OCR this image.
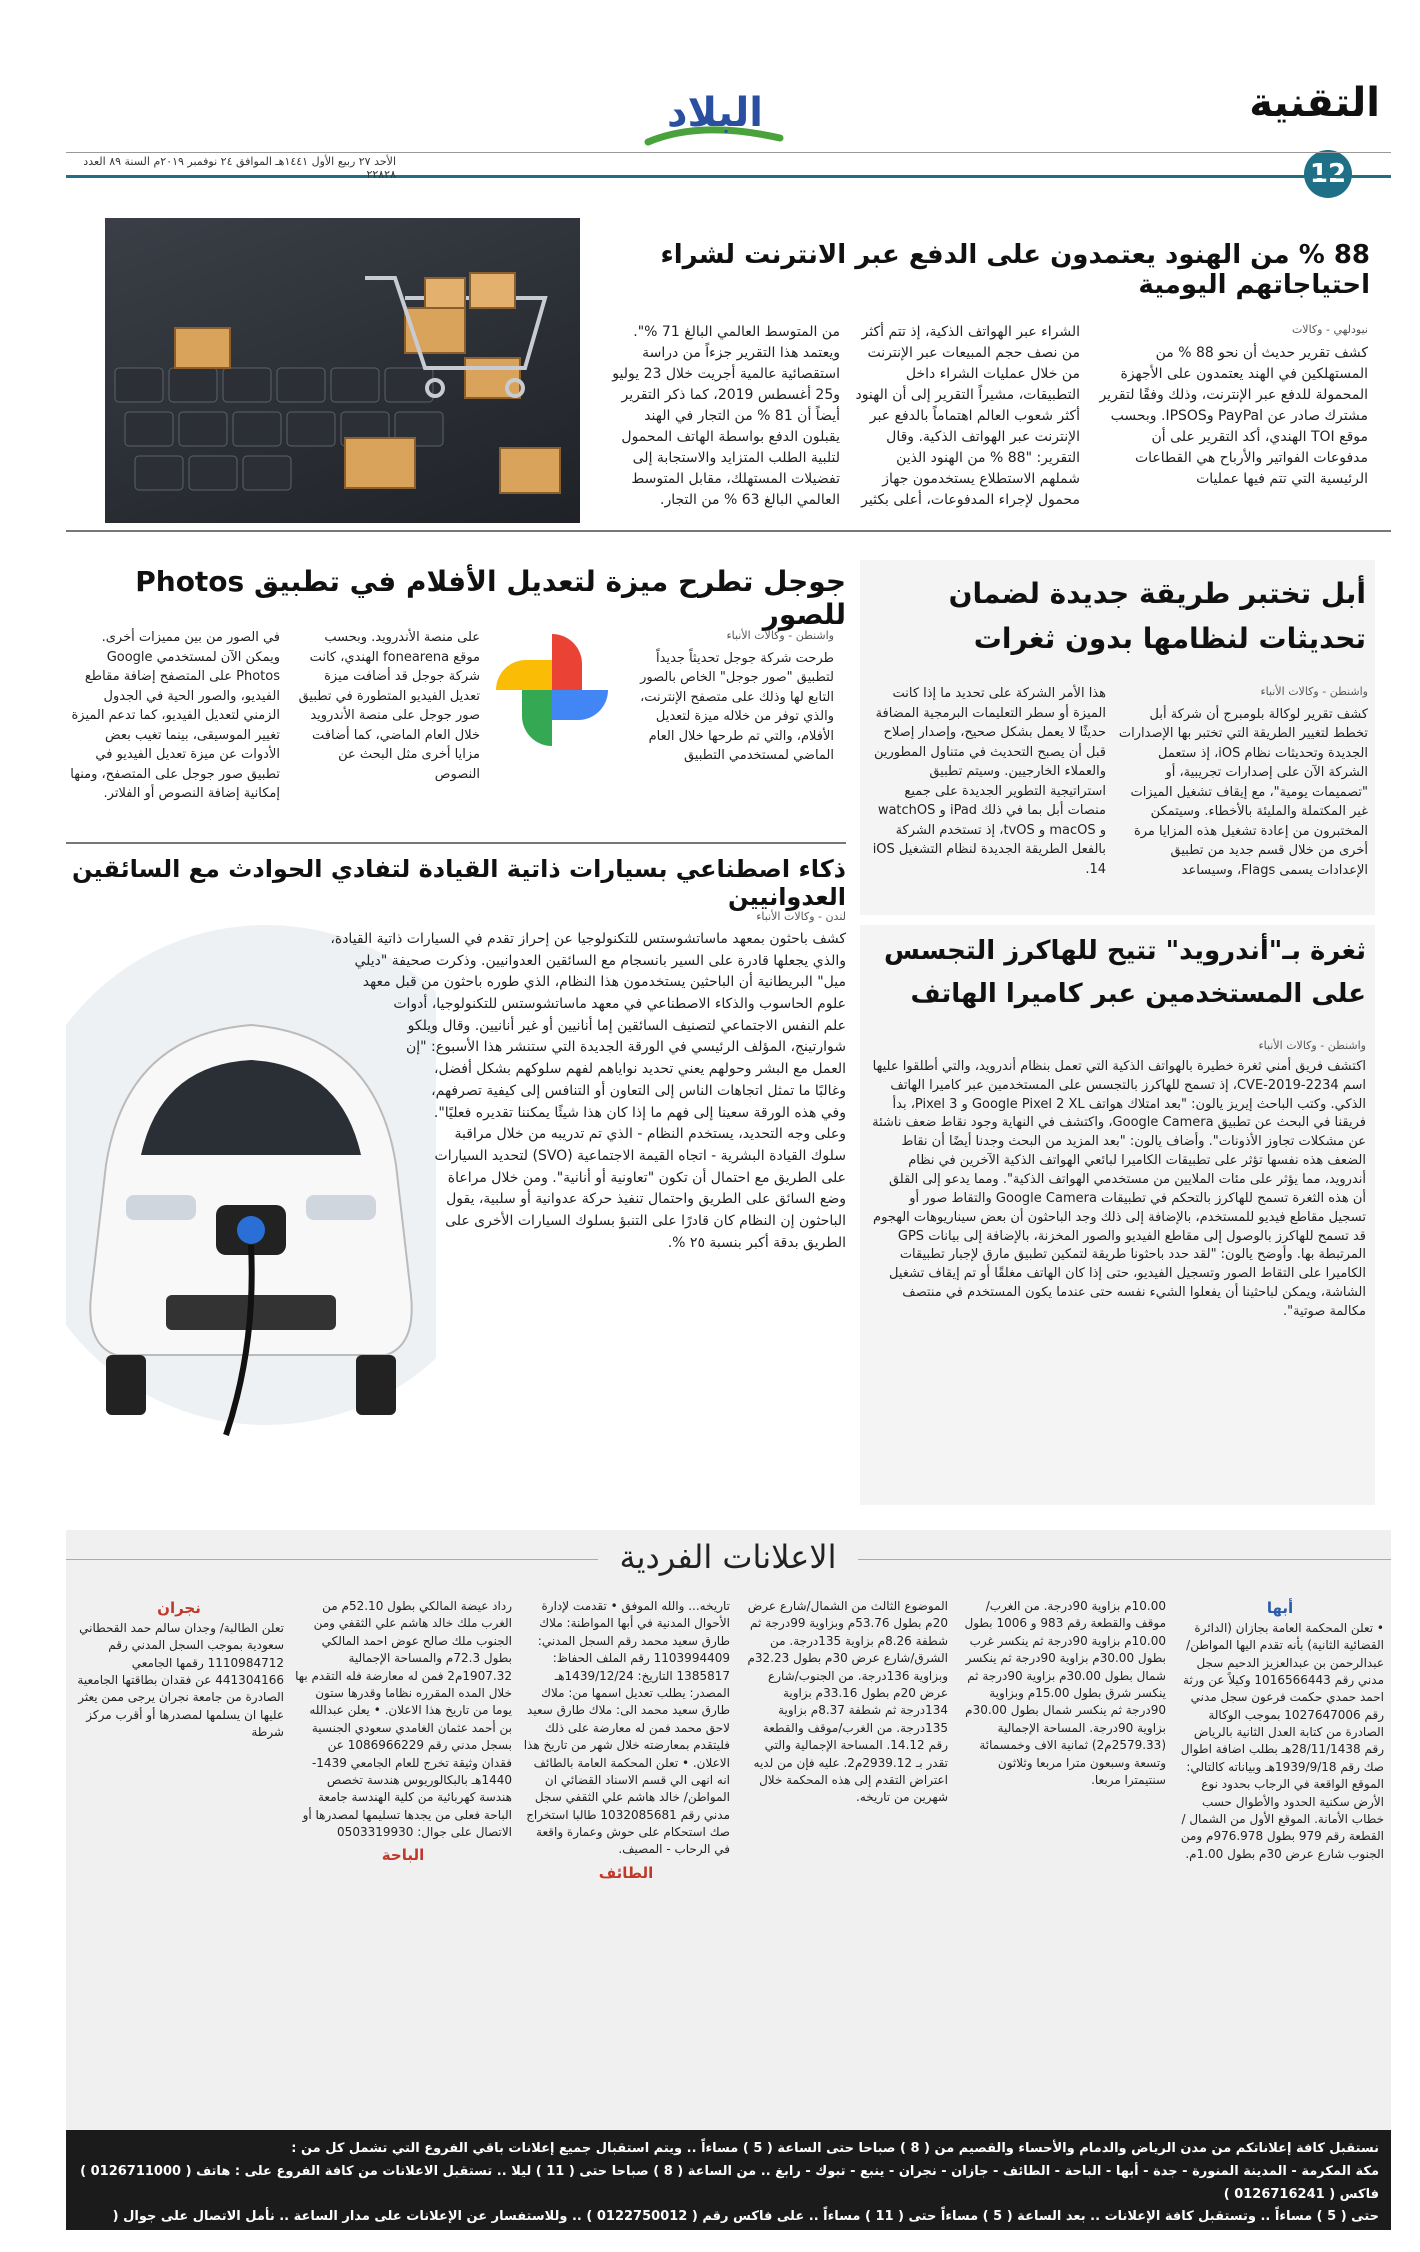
التقنية
12
البلاد
الأحد ٢٧ ربيع الأول ١٤٤١هـ الموافق ٢٤ نوفمبر ٢٠١٩م السنة ٨٩ العدد ٢٢٨٢٨
88 % من الهنود يعتمدون على الدفع عبر الانترنت لشراء احتياجاتهم اليومية
نيودلهي - وكالات

كشف تقرير حديث أن نحو 88 % من المستهلكين في الهند يعتمدون على الأجهزة المحمولة للدفع عبر الإنترنت، وذلك وفقًا لتقرير مشترك صادر عن PayPal وIPSOS. وبحسب موقع TOI الهندي، أكد التقرير على أن مدفوعات الفواتير والأرباح هي القطاعات الرئيسية التي تتم فيها عمليات

الشراء عبر الهواتف الذكية، إذ تتم أكثر من نصف حجم المبيعات عبر الإنترنت من خلال عمليات الشراء داخل التطبيقات، مشيراً التقرير إلى أن الهنود أكثر شعوب العالم اهتماماً بالدفع عبر الإنترنت عبر الهواتف الذكية. وقال التقرير: "88 % من الهنود الذين شملهم الاستطلاع يستخدمون جهاز محمول لإجراء المدفوعات، أعلى بكثير

من المتوسط العالمي البالغ 71 %". ويعتمد هذا التقرير جزءاً من دراسة استقصائية عالمية أجريت خلال 23 يوليو و25 أغسطس 2019، كما ذكر التقرير أيضاً أن 81 % من التجار في الهند يقبلون الدفع بواسطة الهاتف المحمول لتلبية الطلب المتزايد والاستجابة إلى تفضيلات المستهلك، مقابل المتوسط العالمي البالغ 63 % من التجار.

أبل تختبر طريقة جديدة لضمان تحديثات لنظامها بدون ثغرات
واشنطن - وكالات الأنباء

كشف تقرير لوكالة بلومبرج أن شركة أبل تخطط لتغيير الطريقة التي تختبر بها الإصدارات الجديدة وتحديثات نظام iOS، إذ ستعمل الشركة الآن على إصدارات تجريبية، أو "تصميمات يومية"، مع إيقاف تشغيل الميزات غير المكتملة والمليئة بالأخطاء. وسيتمكن المختبرون من إعادة تشغيل هذه المزايا مرة أخرى من خلال قسم جديد من تطبيق الإعدادات يسمى Flags، وسيساعد

هذا الأمر الشركة على تحديد ما إذا كانت الميزة أو سطر التعليمات البرمجية المضافة حديثًا لا يعمل بشكل صحيح، وإصدار إصلاح قبل أن يصبح التحديث في متناول المطورين والعملاء الخارجيين. وسيتم تطبيق استراتيجية التطوير الجديدة على جميع منصات أبل بما في ذلك iPad و watchOS و macOS و tvOS، إذ تستخدم الشركة بالفعل الطريقة الجديدة لنظام التشغيل iOS 14.

جوجل تطرح ميزة لتعديل الأفلام في تطبيق Photos للصور
واشنطن - وكالات الأنباء

طرحت شركة جوجل تحديثاً جديداً لتطبيق "صور جوجل" الخاص بالصور التابع لها وذلك على متصفح الإنترنت، والذي توفر من خلاله ميزة لتعديل الأفلام، والتي تم طرحها خلال العام الماضي لمستخدمي التطبيق

على منصة الأندرويد. وبحسب موقع fonearena الهندي، كانت شركة جوجل قد أضافت ميزة تعديل الفيديو المتطورة في تطبيق صور جوجل على منصة الأندرويد خلال العام الماضي، كما أضافت مزايا أخرى مثل البحث عن النصوص

في الصور من بين مميزات أخرى. ويمكن الآن لمستخدمي Google Photos على المتصفح إضافة مقاطع الفيديو، والصور الحية في الجدول الزمني لتعديل الفيديو، كما تدعم الميزة تغيير الموسيقى، بينما تغيب بعض الأدوات عن ميزة تعديل الفيديو في تطبيق صور جوجل على المتصفح، ومنها إمكانية إضافة النصوص أو الفلاتر.

ذكاء اصطناعي بسيارات ذاتية القيادة لتفادي الحوادث مع السائقين العدوانيين
لندن - وكالات الأنباء

كشف باحثون بمعهد ماساتشوستس للتكنولوجيا عن إحراز تقدم في السيارات ذاتية القيادة، والذي يجعلها قادرة على السير بانسجام مع السائقين العدوانيين. وذكرت صحيفة "ديلي ميل" البريطانية أن الباحثين يستخدمون هذا النظام، الذي طوره باحثون من قبل معهد علوم الحاسوب والذكاء الاصطناعي في معهد ماساتشوستس للتكنولوجيا، أدوات علم النفس الاجتماعي لتصنيف السائقين إما أنانيين أو غير أنانيين. وقال ويلكو شوارتينج، المؤلف الرئيسي في الورقة الجديدة التي ستنشر هذا الأسبوع: "إن العمل مع البشر وحولهم يعني تحديد نواياهم لفهم سلوكهم بشكل أفضل، وغالبًا ما تمثل اتجاهات الناس إلى التعاون أو التنافس إلى كيفية تصرفهم، وفي هذه الورقة سعينا إلى فهم ما إذا كان هذا شيئًا يمكننا تقديره فعليًا". وعلى وجه التحديد، يستخدم النظام - الذي تم تدريبه من خلال مراقبة سلوك القيادة البشرية - اتجاه القيمة الاجتماعية (SVO) لتحديد السيارات على الطريق مع احتمال أن تكون "تعاونية أو أنانية". ومن خلال مراعاة وضع السائق على الطريق واحتمال تنفيذ حركة عدوانية أو سلبية، يقول الباحثون إن النظام كان قادرًا على التنبؤ بسلوك السيارات الأخرى على الطريق بدقة أكبر بنسبة ٢٥ %.

ثغرة بـ"أندرويد" تتيح للهاكرز التجسس على المستخدمين عبر كاميرا الهاتف
واشنطن - وكالات الأنباء

اكتشف فريق أمني ثغرة خطيرة بالهواتف الذكية التي تعمل بنظام أندرويد، والتي أطلقوا عليها اسم CVE-2019-2234، إذ تسمح للهاكرز بالتجسس على المستخدمين عبر كاميرا الهاتف الذكي. وكتب الباحث إيريز يالون: "بعد امتلاك هواتف Google Pixel 2 XL و Pixel 3، بدأ فريقنا في البحث عن تطبيق Google Camera، واكتشف في النهاية وجود نقاط ضعف ناشئة عن مشكلات تجاوز الأذونات". وأضاف يالون: "بعد المزيد من البحث وجدنا أيضًا أن نقاط الضعف هذه نفسها تؤثر على تطبيقات الكاميرا لبائعي الهواتف الذكية الآخرين في نظام أندرويد، مما يؤثر على مئات الملايين من مستخدمي الهواتف الذكية". ومما يدعو إلى القلق أن هذه الثغرة تسمح للهاكرز بالتحكم في تطبيقات Google Camera والتقاط صور أو تسجيل مقاطع فيديو للمستخدم، بالإضافة إلى ذلك وجد الباحثون أن بعض سيناريوهات الهجوم قد تسمح للهاكرز بالوصول إلى مقاطع الفيديو والصور المخزنة، بالإضافة إلى بيانات GPS المرتبطة بها. وأوضح يالون: "لقد حدد باحثونا طريقة لتمكين تطبيق مارق لإجبار تطبيقات الكاميرا على التقاط الصور وتسجيل الفيديو، حتى إذا كان الهاتف مغلقًا أو تم إيقاف تشغيل الشاشة، ويمكن لباحثينا أن يفعلوا الشيء نفسه حتى عندما يكون المستخدم في منتصف مكالمة صوتية".

الاعلانات الفردية
أبها

• تعلن المحكمة العامة بجازان (الدائرة القضائية الثانية) بأنه تقدم اليها المواطن/ عبدالرحمن بن عبدالعزيز الدحيم سجل مدني رقم 1016566443 وكيلاً عن ورثة احمد حمدي حكمت فرعون سجل مدني رقم 1027647006 بموجب الوكالة الصادرة من كتابة العدل الثانية بالرياض رقم 28/11/1438هـ بطلب اضافة اطوال صك رقم 1939/9/18هـ وبياناته كالتالي: الموقع الواقعة في الرجاب بحدود نوع الأرض سكنية الحدود والأطوال حسب خطاب الأمانة. الموقع الأول من الشمال / القطعة رقم 979 بطول 976.978م ومن الجنوب شارع عرض 30م بطول 1.00م.

10.00م بزاوية 90درجة. من الغرب/موقف والقطعة رقم 983 و 1006 بطول 10.00م بزاوية 90درجة ثم ينكسر غرب بطول 30.00م بزاوية 90درجة ثم ينكسر شمال بطول 30.00م بزاوية 90درجة ثم ينكسر شرق بطول 15.00م وبزاوية 90درجة ثم ينكسر شمال بطول 30.00م بزاوية 90درجة. المساحة الإجمالية (2579.33م2) ثمانية الاف وخمسمائة وتسعة وسبعون مترا مربعا وثلاثون سنتيمترا مربعا.

الموضوع الثالث من الشمال/شارع عرض 20م بطول 53.76م وبزاوية 99درجة ثم شطفة 8.26م بزاوية 135درجة. من الشرق/شارع عرض 30م بطول 32.23م وبزاوية 136درجة. من الجنوب/شارع عرض 20م بطول 33.16م بزاوية 134درجة ثم شطفة 8.37م بزاوية 135درجة. من الغرب/موقف والقطعة رقم 14.12. المساحة الإجمالية والتي تقدر بـ 2939.12م2. عليه فإن من لديه اعتراض التقدم إلى هذه المحكمة خلال شهرين من تاريخه.

تاريخه... والله الموفق • تقدمت لإدارة الأحوال المدنية في أبها المواطنة: ملاك طارق سعيد محمد رقم السجل المدني: 1103994409 رقم الملف الحفاظ: 1385817 التاريخ: 1439/12/24هـ المصدر: يطلب تعديل اسمها من: ملاك طارق سعيد محمد الى: ملاك طارق سعيد لاحق محمد فمن له معارضة على ذلك فليتقدم بمعارضته خلال شهر من تاريخ هذا الاعلان. • تعلن المحكمة العامة بالطائف انه انهى الي قسم الاسناد القضائي ان المواطن/ خالد هاشم علي الثقفي سجل مدني رقم 1032085681 طالبا استخراج صك استحكام على حوش وعمارة واقعة في الرحاب - المصيف.

الطائف

رداد عيضة المالكي بطول 52.10م من الغرب ملك خالد هاشم علي الثقفي ومن الجنوب ملك صالح عوض احمد المالكي بطول 72.3م والمساحة الإجمالية 1907.32م2 فمن له معارضة فله التقدم بها خلال المده المقرره نظاما وقدرها ستون يوما من تاريخ هذا الاعلان. • يعلن عبدالله بن أحمد عثمان الغامدي سعودي الجنسية بسجل مدني رقم 1086966229 عن فقدان وثيقة تخرج للعام الجامعي 1439-1440هـ بالبكالوريوس هندسة تخصص هندسة كهربائية من كلية الهندسة جامعة الباحة فعلى من يجدها تسليمها لمصدرها أو الاتصال على جوال: 0503319930

الباحة
نجران

تعلن الطالبة/ وجدان سالم حمد القحطاني سعودية بموجب السجل المدني رقم 1110984712 رقمها الجامعي 441304166 عن فقدان بطاقتها الجامعية الصادرة من جامعة نجران يرجى ممن يعثر عليها ان يسلمها لمصدرها أو أقرب مركز شرطة

نستقبل كافة إعلاناتكم من مدن الرياض والدمام والأحساء والقصيم من ( 8 ) صباحا حتى الساعة ( 5 ) مساءاً .. ويتم استقبال جميع إعلانات باقي الفروع التي تشمل كل من :
مكة المكرمة - المدينة المنورة - جدة - أبها - الباحة - الطائف - جازان - نجران - ينبع - تبوك - رابغ .. من الساعة ( 8 ) صباحا حتى ( 11 ) ليلا .. تستقبل الاعلانات من كافة الفروع على : هاتف ( 0126711000 ) فاكس ( 0126716241 )
حتى ( 5 ) مساءاً .. وتستقبل كافة الإعلانات .. بعد الساعة ( 5 ) مساءاً حتى ( 11 ) مساءاً .. على فاكس رقم ( 0122750012 ) .. وللاستفسار عن الإعلانات على مدار الساعة .. نأمل الاتصال على جوال ( 0567878781 )
